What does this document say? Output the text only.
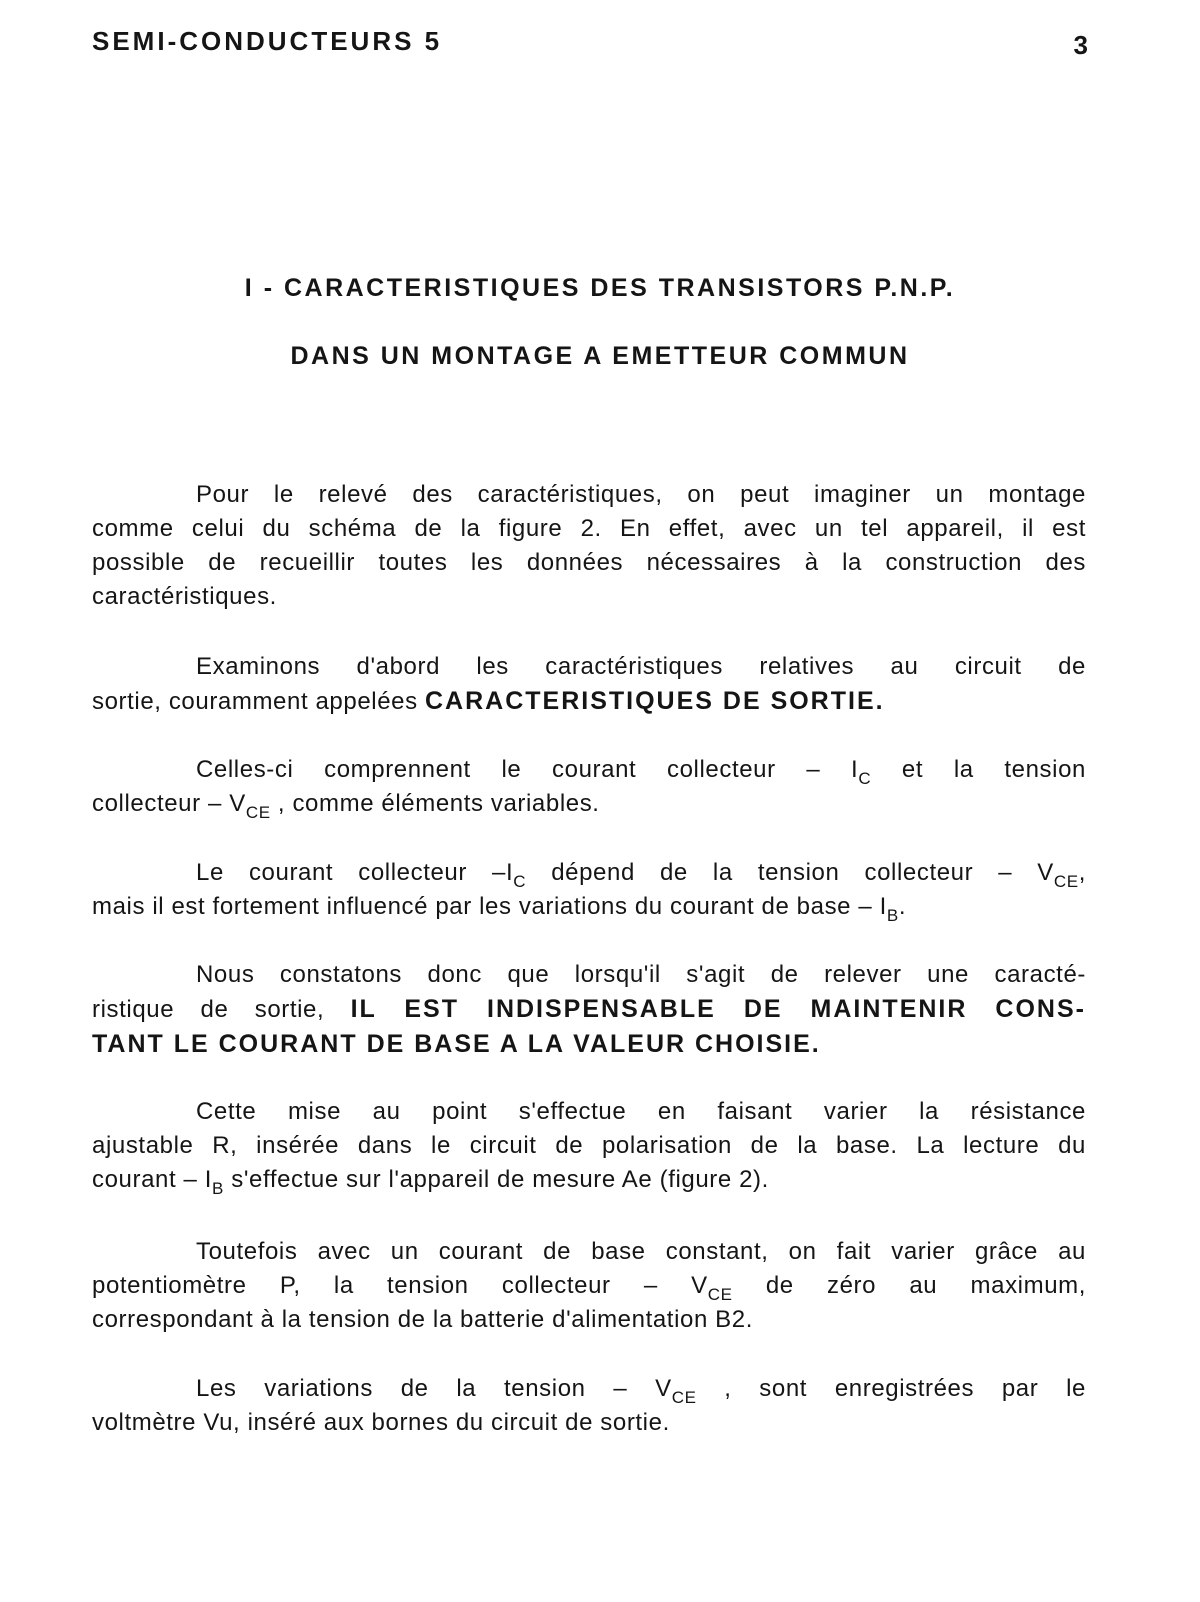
SEMI-CONDUCTEURS 5	3
I - CARACTERISTIQUES DES TRANSISTORS P.N.P.
DANS UN MONTAGE A EMETTEUR COMMUN
Pour le relevé des caractéristiques, on peut imaginer un montage
comme celui du schéma de la figure 2. En effet, avec un tel appareil, il est
possible de recueillir toutes les données nécessaires à la construction des
caractéristiques.
Examinons d'abord les caractéristiques relatives au circuit de
sortie, couramment appelées CARACTERISTIQUES DE SORTIE.
Celles-ci comprennent le courant collecteur – $I_C$ et la tension
collecteur – $V_{CE}$ , comme éléments variables.
Le courant collecteur $-I_C$ dépend de la tension collecteur – $V_{CE}$,
mais il est fortement influencé par les variations du courant de base – $I_B$.
Nous constatons donc que lorsqu'il s'agit de relever une caracté-
ristique de sortie, IL EST INDISPENSABLE DE MAINTENIR CONS-
TANT LE COURANT DE BASE A LA VALEUR CHOISIE.
Cette mise au point s'effectue en faisant varier la résistance
ajustable R, insérée dans le circuit de polarisation de la base. La lecture du
courant – $I_B$ s'effectue sur l'appareil de mesure Ae (figure 2).
Toutefois avec un courant de base constant, on fait varier grâce au
potentiomètre P, la tension collecteur – $V_{CE}$ de zéro au maximum,
correspondant à la tension de la batterie d'alimentation B2.
Les variations de la tension – $V_{CE}$ , sont enregistrées par le
voltmètre Vu, inséré aux bornes du circuit de sortie.
